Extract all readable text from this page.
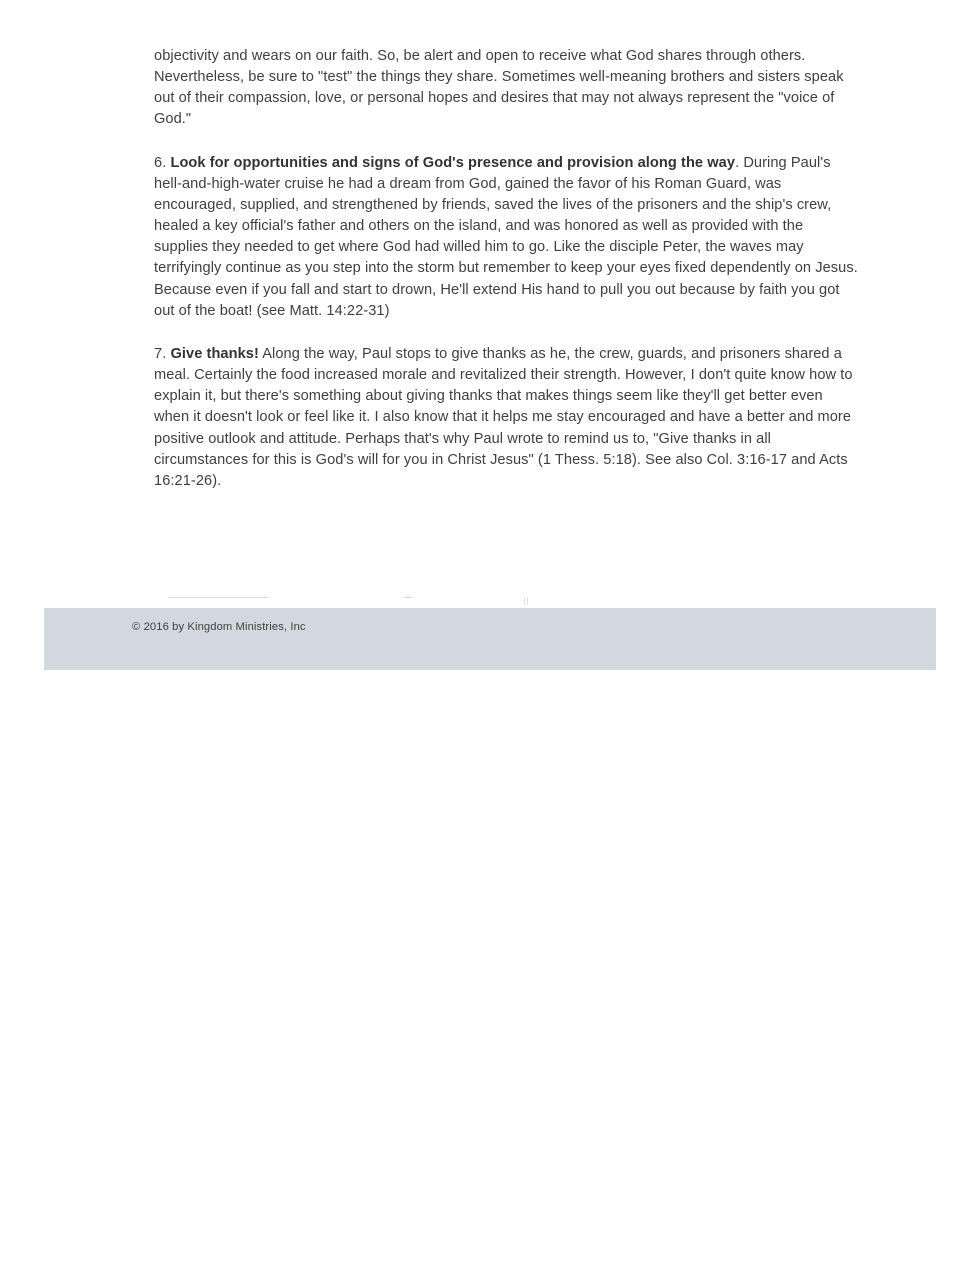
objectivity and wears on our faith. So, be alert and open to receive what God shares through others. Nevertheless, be sure to "test" the things they share. Sometimes well-meaning brothers and sisters speak out of their compassion, love, or personal hopes and desires that may not always represent the "voice of God."

6. Look for opportunities and signs of God's presence and provision along the way. During Paul's hell-and-high-water cruise he had a dream from God, gained the favor of his Roman Guard, was encouraged, supplied, and strengthened by friends, saved the lives of the prisoners and the ship's crew, healed a key official's father and others on the island, and was honored as well as provided with the supplies they needed to get where God had willed him to go. Like the disciple Peter, the waves may terrifyingly continue as you step into the storm but remember to keep your eyes fixed dependently on Jesus. Because even if you fall and start to drown, He'll extend His hand to pull you out because by faith you got out of the boat! (see Matt. 14:22-31)

7. Give thanks! Along the way, Paul stops to give thanks as he, the crew, guards, and prisoners shared a meal. Certainly the food increased morale and revitalized their strength. However, I don't quite know how to explain it, but there's something about giving thanks that makes things seem like they'll get better even when it doesn't look or feel like it. I also know that it helps me stay encouraged and have a better and more positive outlook and attitude. Perhaps that's why Paul wrote to remind us to, "Give thanks in all circumstances for this is God's will for you in Christ Jesus" (1 Thess. 5:18). See also Col. 3:16-17 and Acts 16:21-26).

© 2016 by Kingdom Ministries, Inc
